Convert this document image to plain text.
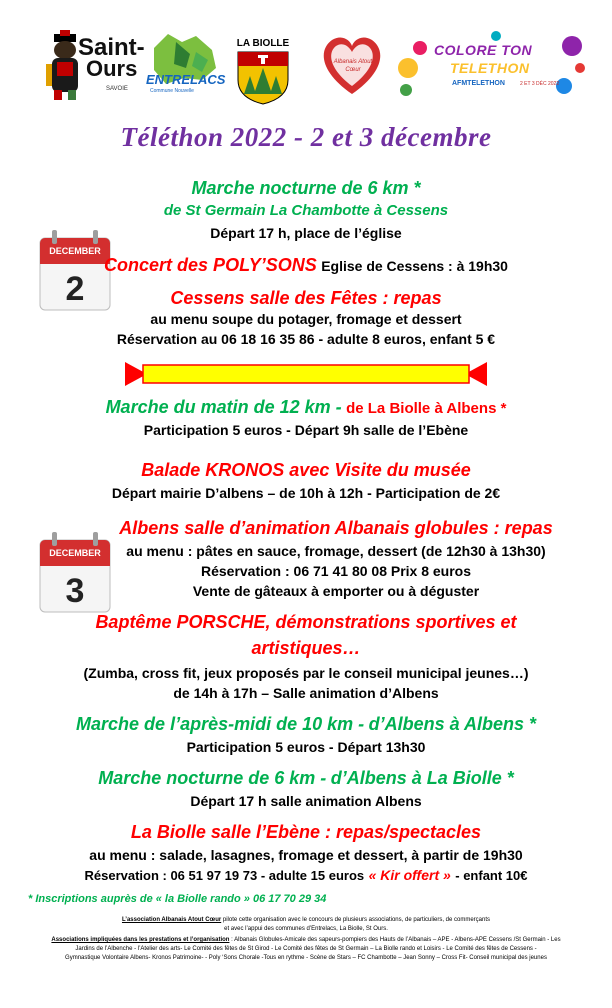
Saint-
Ours
SAVOIE
ENTRELACS
Commune Nouvelle
LA BIOLLE
Albanais Atout Cœur
COLORE TON
TELETHON
AFMTELETHON	2 ET 3 DÉC 2022
Téléthon 2022 - 2 et 3 décembre
DECEMBER
2
Marche nocturne de 6 km *
de St Germain La Chambotte à Cessens
Départ 17 h, place de l’église
Concert des POLY’SONS Eglise de Cessens : à 19h30
Cessens salle des Fêtes : repas
au menu soupe du potager, fromage et dessert
Réservation au 06 18 16 35 86 - adulte 8 euros, enfant 5 €
DECEMBER
3
Marche du matin de 12 km - de La Biolle à Albens *
Participation 5 euros - Départ 9h salle de l’Ebène
Balade KRONOS avec Visite du musée
Départ mairie D’albens – de 10h à 12h - Participation de 2€
Albens salle d’animation Albanais globules : repas
au menu : pâtes en sauce, fromage, dessert (de 12h30 à 13h30)
Réservation : 06 71 41 80 08 Prix 8 euros
Vente de gâteaux à emporter ou à déguster
Baptême PORSCHE, démonstrations sportives et
artistiques…
(Zumba, cross fit, jeux proposés par le conseil municipal jeunes…)
de 14h à 17h – Salle animation d’Albens
Marche de l’après-midi de 10 km - d’Albens à Albens *
Participation 5 euros - Départ 13h30
Marche nocturne de 6 km - d’Albens à La Biolle *
Départ 17 h salle animation Albens
La Biolle salle l’Ebène : repas/spectacles
au menu : salade, lasagnes, fromage et dessert, à partir de 19h30
Réservation : 06 51 97 19 73 - adulte 15 euros « Kir offert » - enfant 10€
* Inscriptions auprès de « la Biolle rando » 06 17 70 29 34
L’association Albanais Atout Cœur pilote cette organisation avec le concours de plusieurs associations, de particuliers, de commerçants
et avec l’appui des communes d’Entrelacs, La Biolle, St Ours.
Associations impliquées dans les prestations et l’organisation : Albanais Globules-Amicale des sapeurs-pompiers des Hauts de l’Albanais – APE - Albens-APE Cessens /St Germain - Les
Jardins de l’Albenche - l’Atelier des arts- Le Comité des fêtes de St Girod - Le Comité des fêtes de St Germain – La Biolle rando et Loisirs - Le Comité des fêtes de Cessens -
Gymnastique Volontaire Albens- Kronos Patrimoine- - Poly ‘Sons Chorale -Tous en rythme - Scène de Stars – FC Chambotte – Jean Sonny – Cross Fit- Conseil municipal des jeunes
